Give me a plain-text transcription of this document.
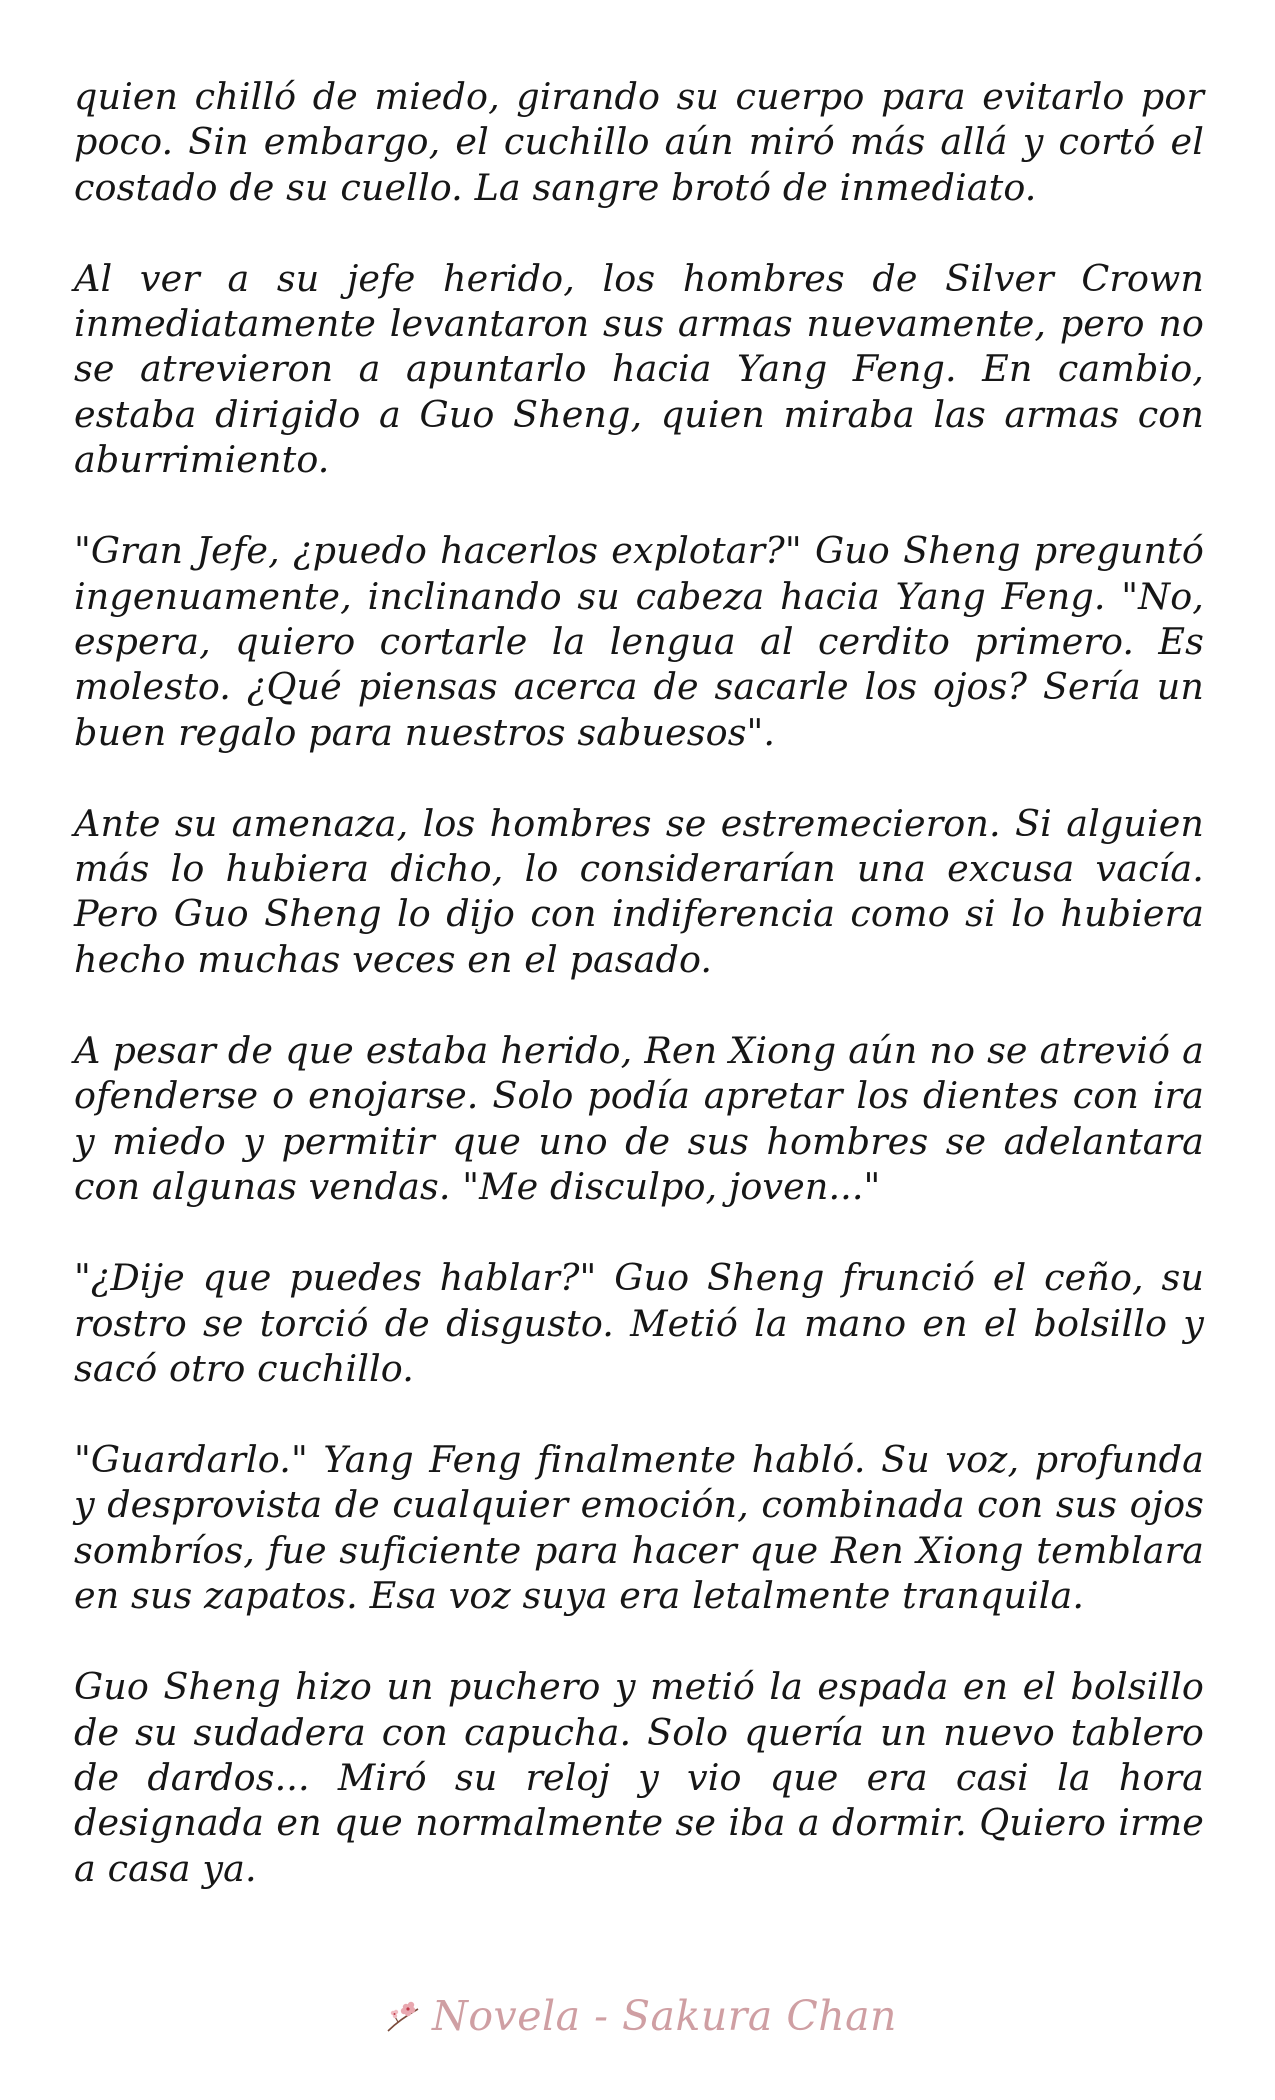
quien chilló de miedo, girando su cuerpo para evitarlo por poco. Sin embargo, el cuchillo aún miró más allá y cortó el costado de su cuello. La sangre brotó de inmediato.

Al ver a su jefe herido, los hombres de Silver Crown inmediatamente levantaron sus armas nuevamente, pero no se atrevieron a apuntarlo hacia Yang Feng. En cambio, estaba dirigido a Guo Sheng, quien miraba las armas con aburrimiento.

"Gran Jefe, ¿puedo hacerlos explotar?" Guo Sheng preguntó ingenuamente, inclinando su cabeza hacia Yang Feng. "No, espera, quiero cortarle la lengua al cerdito primero. Es molesto. ¿Qué piensas acerca de sacarle los ojos? Sería un buen regalo para nuestros sabuesos".

Ante su amenaza, los hombres se estremecieron. Si alguien más lo hubiera dicho, lo considerarían una excusa vacía. Pero Guo Sheng lo dijo con indiferencia como si lo hubiera hecho muchas veces en el pasado.

A pesar de que estaba herido, Ren Xiong aún no se atrevió a ofenderse o enojarse. Solo podía apretar los dientes con ira y miedo y permitir que uno de sus hombres se adelantara con algunas vendas. "Me disculpo, joven..."

"¿Dije que puedes hablar?" Guo Sheng frunció el ceño, su rostro se torció de disgusto. Metió la mano en el bolsillo y sacó otro cuchillo.

"Guardarlo." Yang Feng finalmente habló. Su voz, profunda y desprovista de cualquier emoción, combinada con sus ojos sombríos, fue suficiente para hacer que Ren Xiong temblara en sus zapatos. Esa voz suya era letalmente tranquila.

Guo Sheng hizo un puchero y metió la espada en el bolsillo de su sudadera con capucha. Solo quería un nuevo tablero de dardos... Miró su reloj y vio que era casi la hora designada en que normalmente se iba a dormir. Quiero irme a casa ya.

Novela - Sakura Chan
